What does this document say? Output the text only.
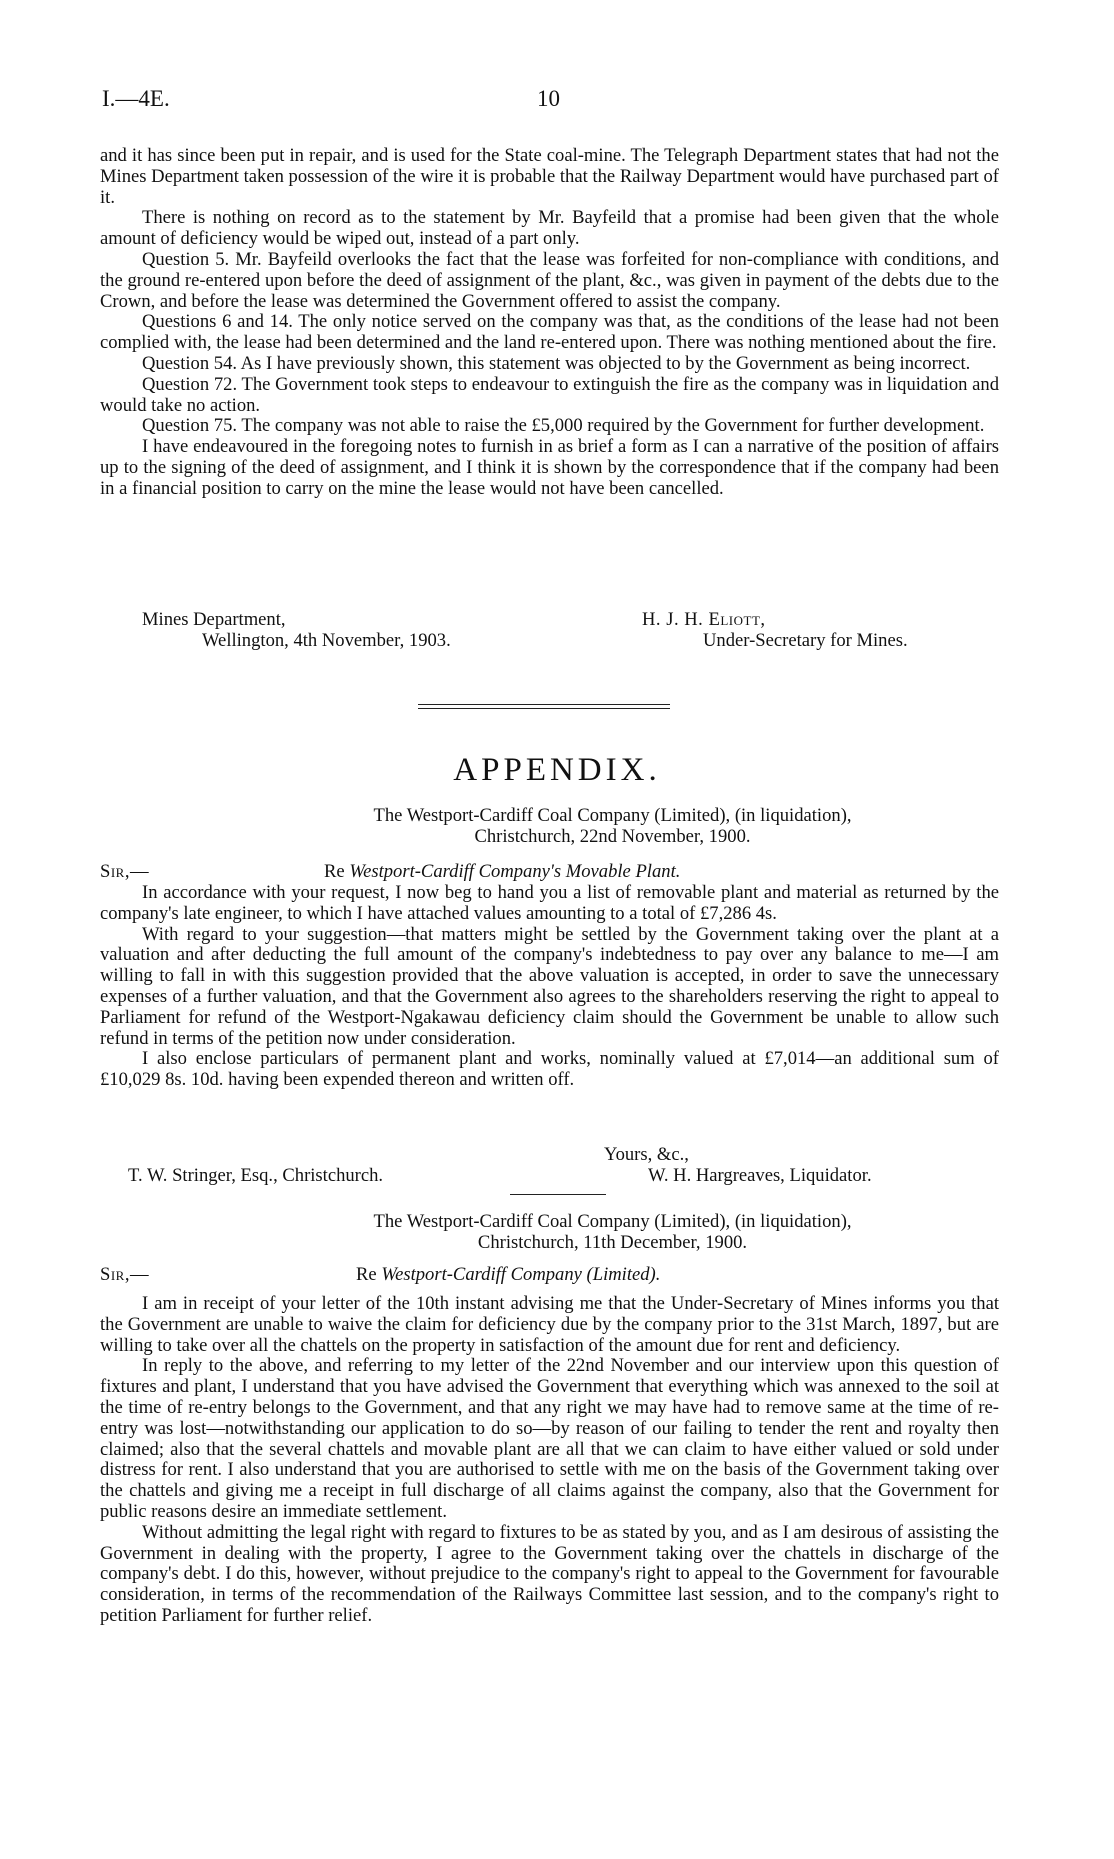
I.—4E.	10

and it has since been put in repair, and is used for the State coal-mine. The Telegraph Department states that had not the Mines Department taken possession of the wire it is probable that the Railway Department would have purchased part of it.

There is nothing on record as to the statement by Mr. Bayfeild that a promise had been given that the whole amount of deficiency would be wiped out, instead of a part only.

Question 5. Mr. Bayfeild overlooks the fact that the lease was forfeited for non-compliance with conditions, and the ground re-entered upon before the deed of assignment of the plant, &c., was given in payment of the debts due to the Crown, and before the lease was determined the Government offered to assist the company.

Questions 6 and 14. The only notice served on the company was that, as the conditions of the lease had not been complied with, the lease had been determined and the land re-entered upon. There was nothing mentioned about the fire.

Question 54. As I have previously shown, this statement was objected to by the Government as being incorrect.

Question 72. The Government took steps to endeavour to extinguish the fire as the company was in liquidation and would take no action.

Question 75. The company was not able to raise the £5,000 required by the Government for further development.

I have endeavoured in the foregoing notes to furnish in as brief a form as I can a narrative of the position of affairs up to the signing of the deed of assignment, and I think it is shown by the correspondence that if the company had been in a financial position to carry on the mine the lease would not have been cancelled.

Mines Department,
Wellington, 4th November, 1903.
H. J. H. Eliott,
Under-Secretary for Mines.
APPENDIX.
The Westport-Cardiff Coal Company (Limited), (in liquidation),
Christchurch, 22nd November, 1900.
Sir,—	Re Westport-Cardiff Company's Movable Plant.

In accordance with your request, I now beg to hand you a list of removable plant and material as returned by the company's late engineer, to which I have attached values amounting to a total of £7,286 4s.

With regard to your suggestion—that matters might be settled by the Government taking over the plant at a valuation and after deducting the full amount of the company's indebtedness to pay over any balance to me—I am willing to fall in with this suggestion provided that the above valuation is accepted, in order to save the unnecessary expenses of a further valuation, and that the Government also agrees to the shareholders reserving the right to appeal to Parliament for refund of the Westport-Ngakawau deficiency claim should the Government be unable to allow such refund in terms of the petition now under consideration.

I also enclose particulars of permanent plant and works, nominally valued at £7,014—an additional sum of £10,029 8s. 10d. having been expended thereon and written off.

Yours, &c.,
T. W. Stringer, Esq., Christchurch.	W. H. Hargreaves, Liquidator.
The Westport-Cardiff Coal Company (Limited), (in liquidation),
Christchurch, 11th December, 1900.
Sir,—	Re Westport-Cardiff Company (Limited).

I am in receipt of your letter of the 10th instant advising me that the Under-Secretary of Mines informs you that the Government are unable to waive the claim for deficiency due by the company prior to the 31st March, 1897, but are willing to take over all the chattels on the property in satisfaction of the amount due for rent and deficiency.

In reply to the above, and referring to my letter of the 22nd November and our interview upon this question of fixtures and plant, I understand that you have advised the Government that everything which was annexed to the soil at the time of re-entry belongs to the Government, and that any right we may have had to remove same at the time of re-entry was lost—notwithstanding our application to do so—by reason of our failing to tender the rent and royalty then claimed; also that the several chattels and movable plant are all that we can claim to have either valued or sold under distress for rent. I also understand that you are authorised to settle with me on the basis of the Government taking over the chattels and giving me a receipt in full discharge of all claims against the company, also that the Government for public reasons desire an immediate settlement.

Without admitting the legal right with regard to fixtures to be as stated by you, and as I am desirous of assisting the Government in dealing with the property, I agree to the Government taking over the chattels in discharge of the company's debt. I do this, however, without prejudice to the company's right to appeal to the Government for favourable consideration, in terms of the recommendation of the Railways Committee last session, and to the company's right to petition Parliament for further relief.
